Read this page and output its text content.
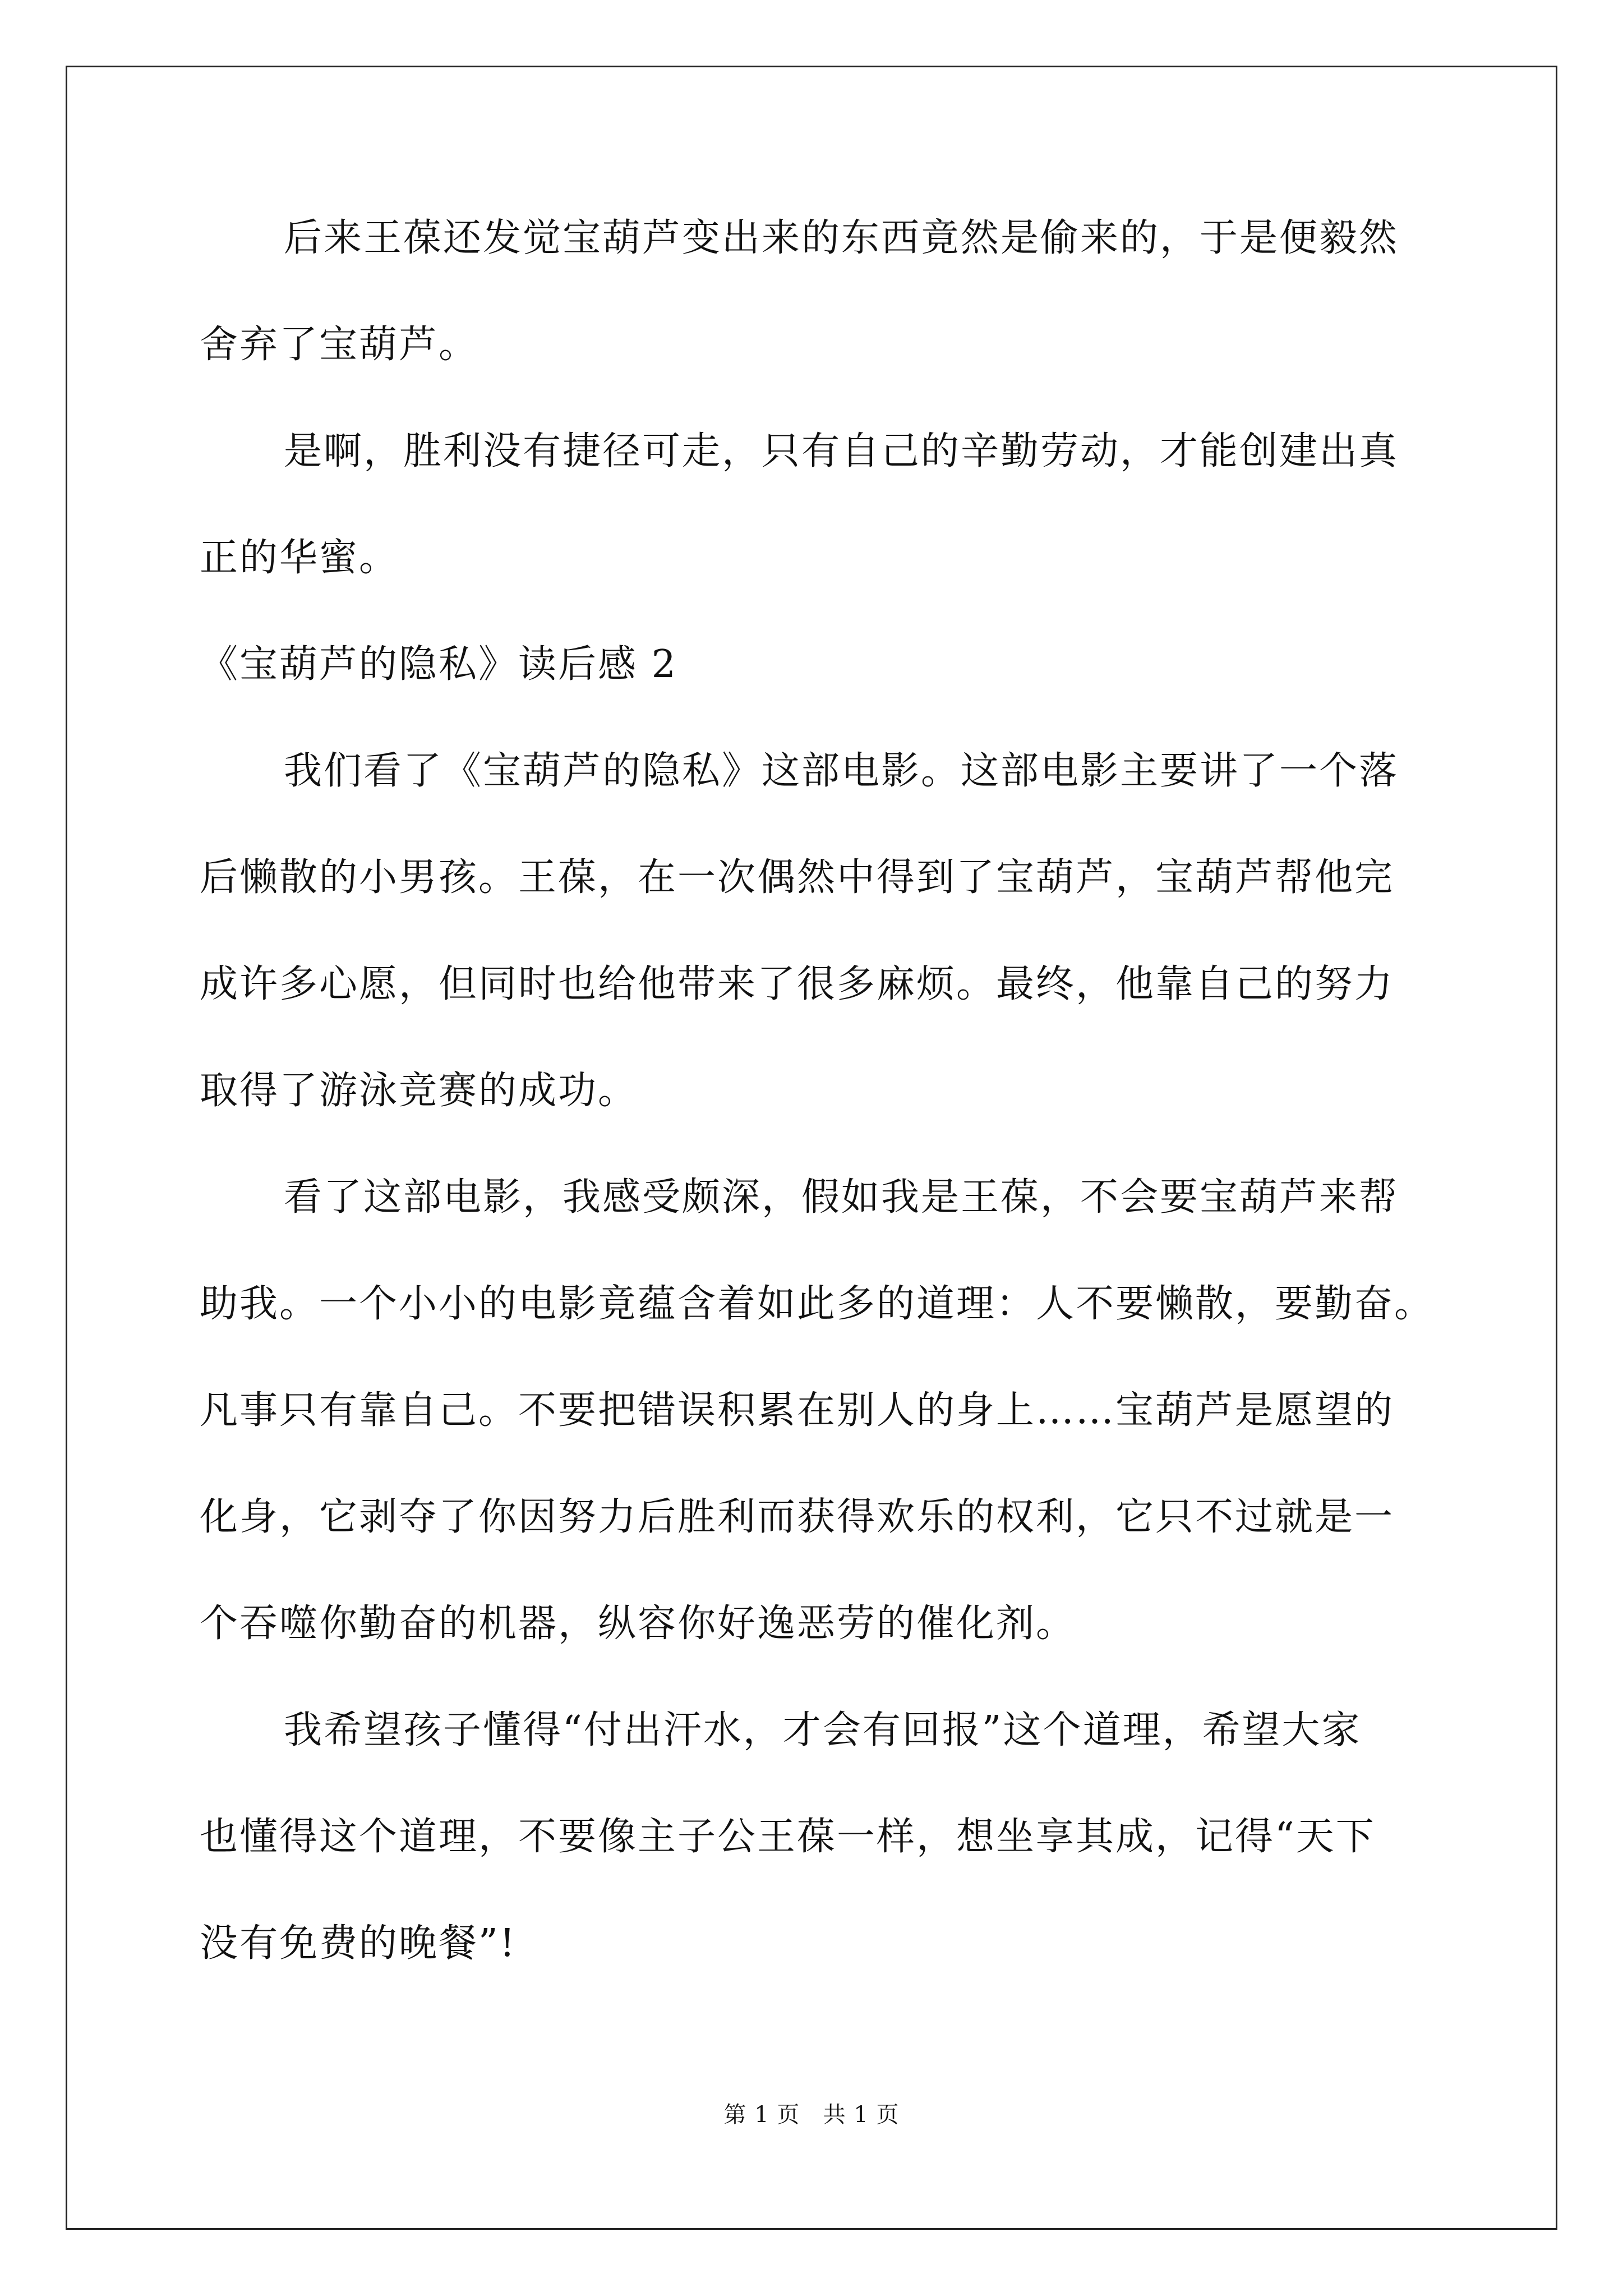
后来王葆还发觉宝葫芦变出来的东西竟然是偷来的，于是便毅然
舍弃了宝葫芦。
是啊，胜利没有捷径可走，只有自己的辛勤劳动，才能创建出真
正的华蜜。
《宝葫芦的隐私》读后感 2
我们看了《宝葫芦的隐私》这部电影。这部电影主要讲了一个落
后懒散的小男孩。王葆，在一次偶然中得到了宝葫芦，宝葫芦帮他完
成许多心愿，但同时也给他带来了很多麻烦。最终，他靠自己的努力
取得了游泳竞赛的成功。
看了这部电影，我感受颇深，假如我是王葆，不会要宝葫芦来帮
助我。一个小小的电影竟蕴含着如此多的道理：人不要懒散，要勤奋。
凡事只有靠自己。不要把错误积累在别人的身上……宝葫芦是愿望的
化身，它剥夺了你因努力后胜利而获得欢乐的权利，它只不过就是一
个吞噬你勤奋的机器，纵容你好逸恶劳的催化剂。
我希望孩子懂得“付出汗水，才会有回报”这个道理，希望大家
也懂得这个道理，不要像主子公王葆一样，想坐享其成，记得“天下
没有免费的晚餐”!
第 1 页   共 1 页
